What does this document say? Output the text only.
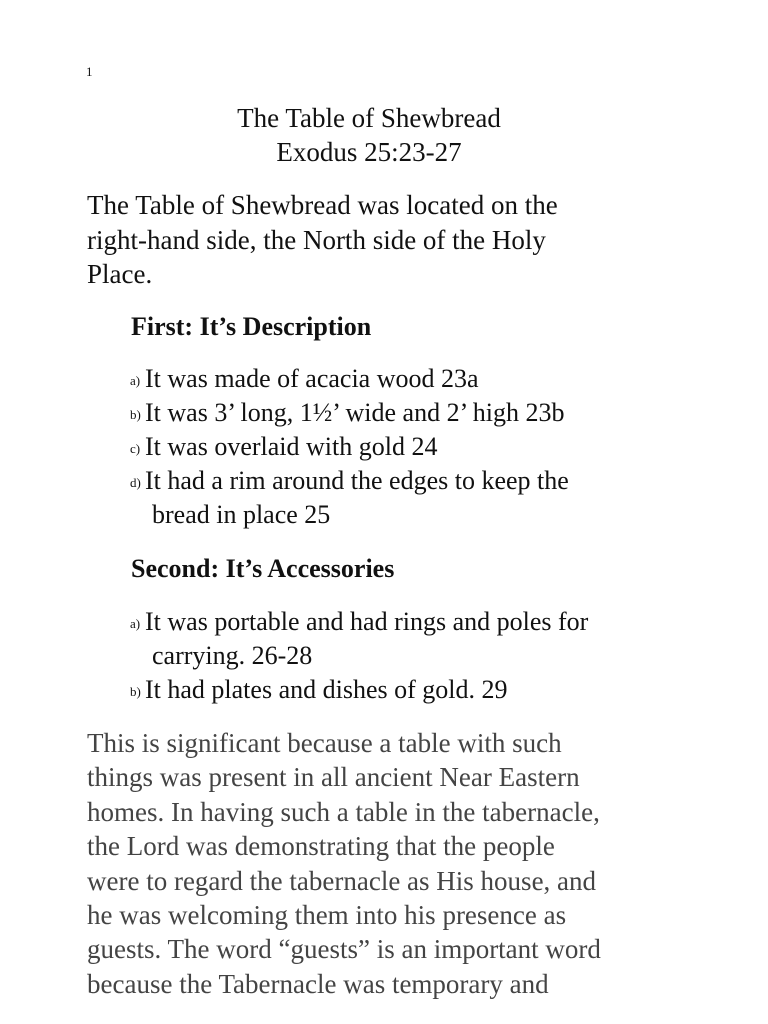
1
The Table of Shewbread
Exodus 25:23-27
The Table of Shewbread was located on the
right-hand side, the North side of the Holy
Place.
First: It’s Description
a) It was made of acacia wood 23a
b) It was 3’ long, 1½’ wide and 2’ high 23b
c) It was overlaid with gold 24
d) It had a rim around the edges to keep the
bread in place 25
Second: It’s Accessories
a) It was portable and had rings and poles for
carrying. 26-28
b) It had plates and dishes of gold. 29
This is significant because a table with such
things was present in all ancient Near Eastern
homes. In having such a table in the tabernacle,
the Lord was demonstrating that the people
were to regard the tabernacle as His house, and
he was welcoming them into his presence as
guests. The word “guests” is an important word
because the Tabernacle was temporary and
